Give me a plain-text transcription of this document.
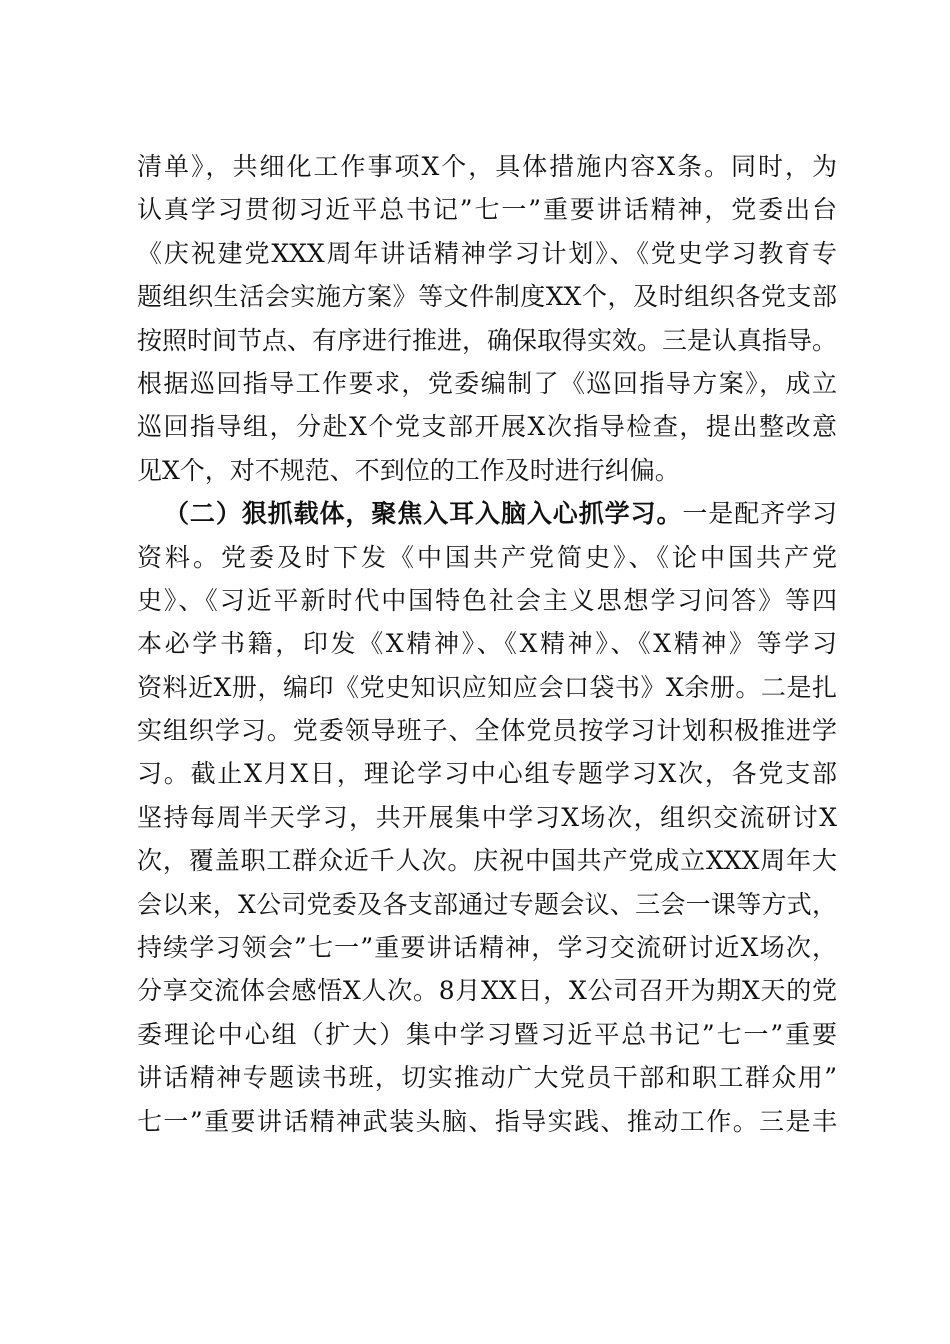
清单》，共细化工作事项X个，具体措施内容X条。同时，为
认真学习贯彻习近平总书记”七一”重要讲话精神，党委出台
《庆祝建党XXX周年讲话精神学习计划》、《党史学习教育专
题组织生活会实施方案》等文件制度XX个，及时组织各党支部
按照时间节点、有序进行推进，确保取得实效。三是认真指导。
根据巡回指导工作要求，党委编制了《巡回指导方案》，成立
巡回指导组，分赴X个党支部开展X次指导检查，提出整改意
见X个，对不规范、不到位的工作及时进行纠偏。
（二）狠抓载体，聚焦入耳入脑入心抓学习。一是配齐学习
资料。党委及时下发《中国共产党简史》、《论中国共产党
史》、《习近平新时代中国特色社会主义思想学习问答》等四
本必学书籍，印发《X精神》、《X精神》、《X精神》等学习
资料近X册，编印《党史知识应知应会口袋书》X余册。二是扎
实组织学习。党委领导班子、全体党员按学习计划积极推进学
习。截止X月X日，理论学习中心组专题学习X次，各党支部
坚持每周半天学习，共开展集中学习X场次，组织交流研讨X
次，覆盖职工群众近千人次。庆祝中国共产党成立XXX周年大
会以来，X公司党委及各支部通过专题会议、三会一课等方式，
持续学习领会”七一”重要讲话精神，学习交流研讨近X场次，
分享交流体会感悟X人次。8月XX日，X公司召开为期X天的党
委理论中心组（扩大）集中学习暨习近平总书记”七一”重要
讲话精神专题读书班，切实推动广大党员干部和职工群众用”
七一”重要讲话精神武装头脑、指导实践、推动工作。三是丰
